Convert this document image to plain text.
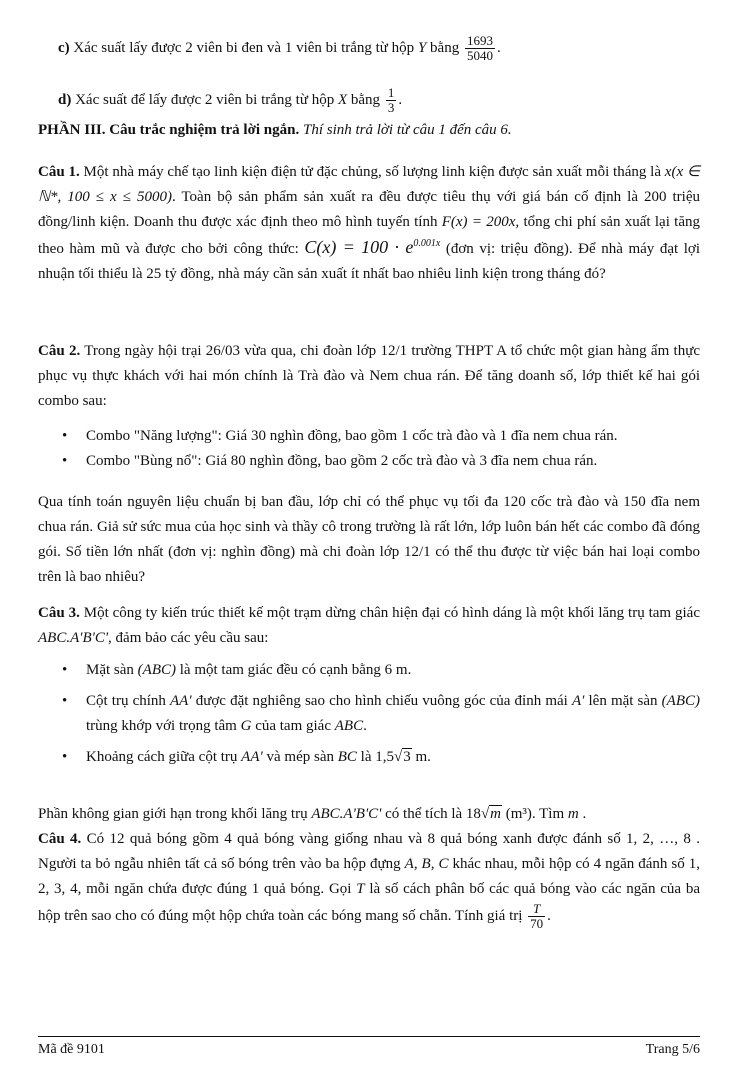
c) Xác suất lấy được 2 viên bi đen và 1 viên bi trắng từ hộp Y bằng $\frac{1693}{5040}$ .

d) Xác suất để lấy được 2 viên bi trắng từ hộp X bằng $\frac{1}{3}$ .

PHẦN III. Câu trắc nghiệm trả lời ngắn. Thí sinh trả lời từ câu 1 đến câu 6.

Câu 1. Một nhà máy chế tạo linh kiện điện tử đặc chủng, số lượng linh kiện được sản xuất mỗi tháng là x(x ∈ ℕ*, 100 ≤ x ≤ 5000). Toàn bộ sản phẩm sản xuất ra đều được tiêu thụ với giá bán cố định là 200 triệu đồng/linh kiện. Doanh thu được xác định theo mô hình tuyến tính F(x) = 200x, tổng chi phí sản xuất lại tăng theo hàm mũ và được cho bởi công thức: $C(x) = 100 \cdot e^{0.001x}$ (đơn vị: triệu đồng). Để nhà máy đạt lợi nhuận tối thiểu là 25 tỷ đồng, nhà máy cần sản xuất ít nhất bao nhiêu linh kiện trong tháng đó?

Câu 2. Trong ngày hội trại 26/03 vừa qua, chi đoàn lớp 12/1 trường THPT A tổ chức một gian hàng ẩm thực phục vụ thực khách với hai món chính là Trà đào và Nem chua rán. Để tăng doanh số, lớp thiết kế hai gói combo sau:

• Combo "Năng lượng": Giá 30 nghìn đồng, bao gồm 1 cốc trà đào và 1 đĩa nem chua rán.
• Combo "Bùng nổ": Giá 80 nghìn đồng, bao gồm 2 cốc trà đào và 3 đĩa nem chua rán.

Qua tính toán nguyên liệu chuẩn bị ban đầu, lớp chỉ có thể phục vụ tối đa 120 cốc trà đào và 150 đĩa nem chua rán. Giả sử sức mua của học sinh và thầy cô trong trường là rất lớn, lớp luôn bán hết các combo đã đóng gói. Số tiền lớn nhất (đơn vị: nghìn đồng) mà chi đoàn lớp 12/1 có thể thu được từ việc bán hai loại combo trên là bao nhiêu?

Câu 3. Một công ty kiến trúc thiết kế một trạm dừng chân hiện đại có hình dáng là một khối lăng trụ tam giác ABC.A'B'C', đảm bảo các yêu cầu sau:

• Mặt sàn (ABC) là một tam giác đều có cạnh bằng 6 m.
• Cột trụ chính AA′ được đặt nghiêng sao cho hình chiếu vuông góc của đỉnh mái A′ lên mặt sàn (ABC) trùng khớp với trọng tâm G của tam giác ABC.
• Khoảng cách giữa cột trụ AA′ và mép sàn BC là 1,5√3 m.

Phần không gian giới hạn trong khối lăng trụ ABC.A'B'C' có thể tích là 18√m (m³). Tìm m .

Câu 4. Có 12 quả bóng gồm 4 quả bóng vàng giống nhau và 8 quả bóng xanh được đánh số 1, 2, …, 8 . Người ta bỏ ngẫu nhiên tất cả số bóng trên vào ba hộp đựng A, B, C khác nhau, mỗi hộp có 4 ngăn đánh số 1, 2, 3, 4, mỗi ngăn chứa được đúng 1 quả bóng. Gọi T là số cách phân bố các quả bóng vào các ngăn của ba hộp trên sao cho có đúng một hộp chứa toàn các bóng mang số chẵn. Tính giá trị $\frac{T}{70}$ .

Mã đề 9101	Trang 5/6
